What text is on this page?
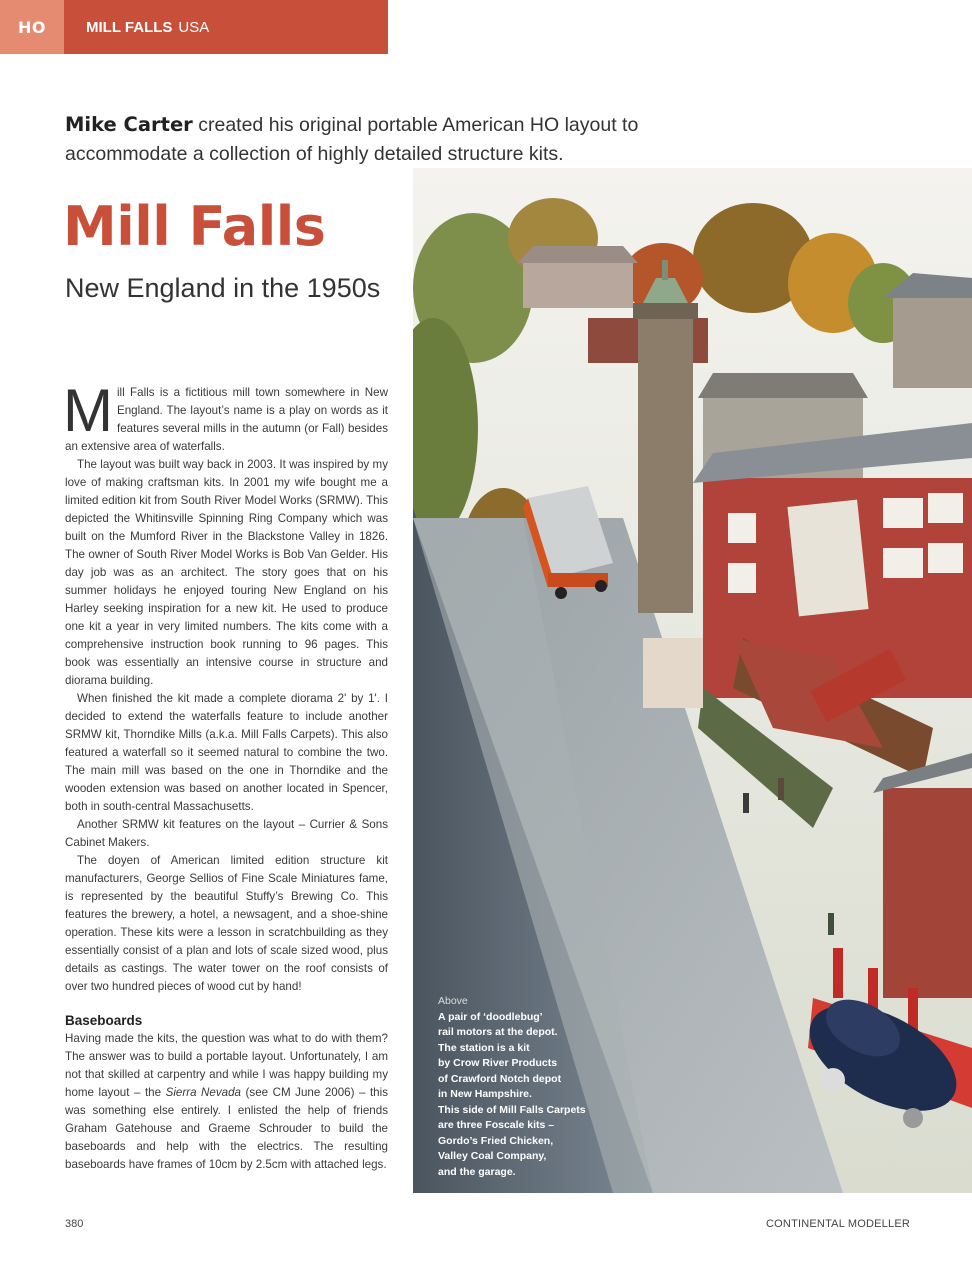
HO	MILL FALLS USA
Mike Carter created his original portable American HO layout to accommodate a collection of highly detailed structure kits.
Mill Falls
New England in the 1950s

Mill Falls is a fictitious mill town somewhere in New England. The layout’s name is a play on words as it features several mills in the autumn (or Fall) besides an extensive area of waterfalls.

The layout was built way back in 2003. It was inspired by my love of making craftsman kits. In 2001 my wife bought me a limited edition kit from South River Model Works (SRMW). This depicted the Whitinsville Spinning Ring Company which was built on the Mumford River in the Blackstone Valley in 1826. The owner of South River Model Works is Bob Van Gelder. His day job was as an architect. The story goes that on his summer holidays he enjoyed touring New England on his Harley seeking inspiration for a new kit. He used to produce one kit a year in very limited numbers. The kits come with a comprehensive instruction book running to 96 pages. This book was essentially an intensive course in structure and diorama building.

When finished the kit made a complete diorama 2' by 1'. I decided to extend the waterfalls feature to include another SRMW kit, Thorndike Mills (a.k.a. Mill Falls Carpets). This also featured a waterfall so it seemed natural to combine the two. The main mill was based on the one in Thorndike and the wooden extension was based on another located in Spencer, both in south-central Massachusetts.

Another SRMW kit features on the layout – Currier & Sons Cabinet Makers.

The doyen of American limited edition structure kit manufacturers, George Sellios of Fine Scale Miniatures fame, is represented by the beautiful Stuffy’s Brewing Co. This features the brewery, a hotel, a newsagent, and a shoe-shine operation. These kits were a lesson in scratchbuilding as they essentially consist of a plan and lots of scale sized wood, plus details as castings. The water tower on the roof consists of over two hundred pieces of wood cut by hand!

Baseboards

Having made the kits, the question was what to do with them? The answer was to build a portable layout. Unfortunately, I am not that skilled at carpentry and while I was happy building my home layout – the Sierra Nevada (see CM June 2006) – this was something else entirely. I enlisted the help of friends Graham Gatehouse and Graeme Schrouder to build the baseboards and help with the electrics. The resulting baseboards have frames of 10cm by 2.5cm with attached legs.

Above
A pair of ‘doodlebug’
rail motors at the depot.
The station is a kit
by Crow River Products
of Crawford Notch depot
in New Hampshire.
This side of Mill Falls Carpets
are three Foscale kits –
Gordo’s Fried Chicken,
Valley Coal Company,
and the garage.
380	CONTINENTAL MODELLER
